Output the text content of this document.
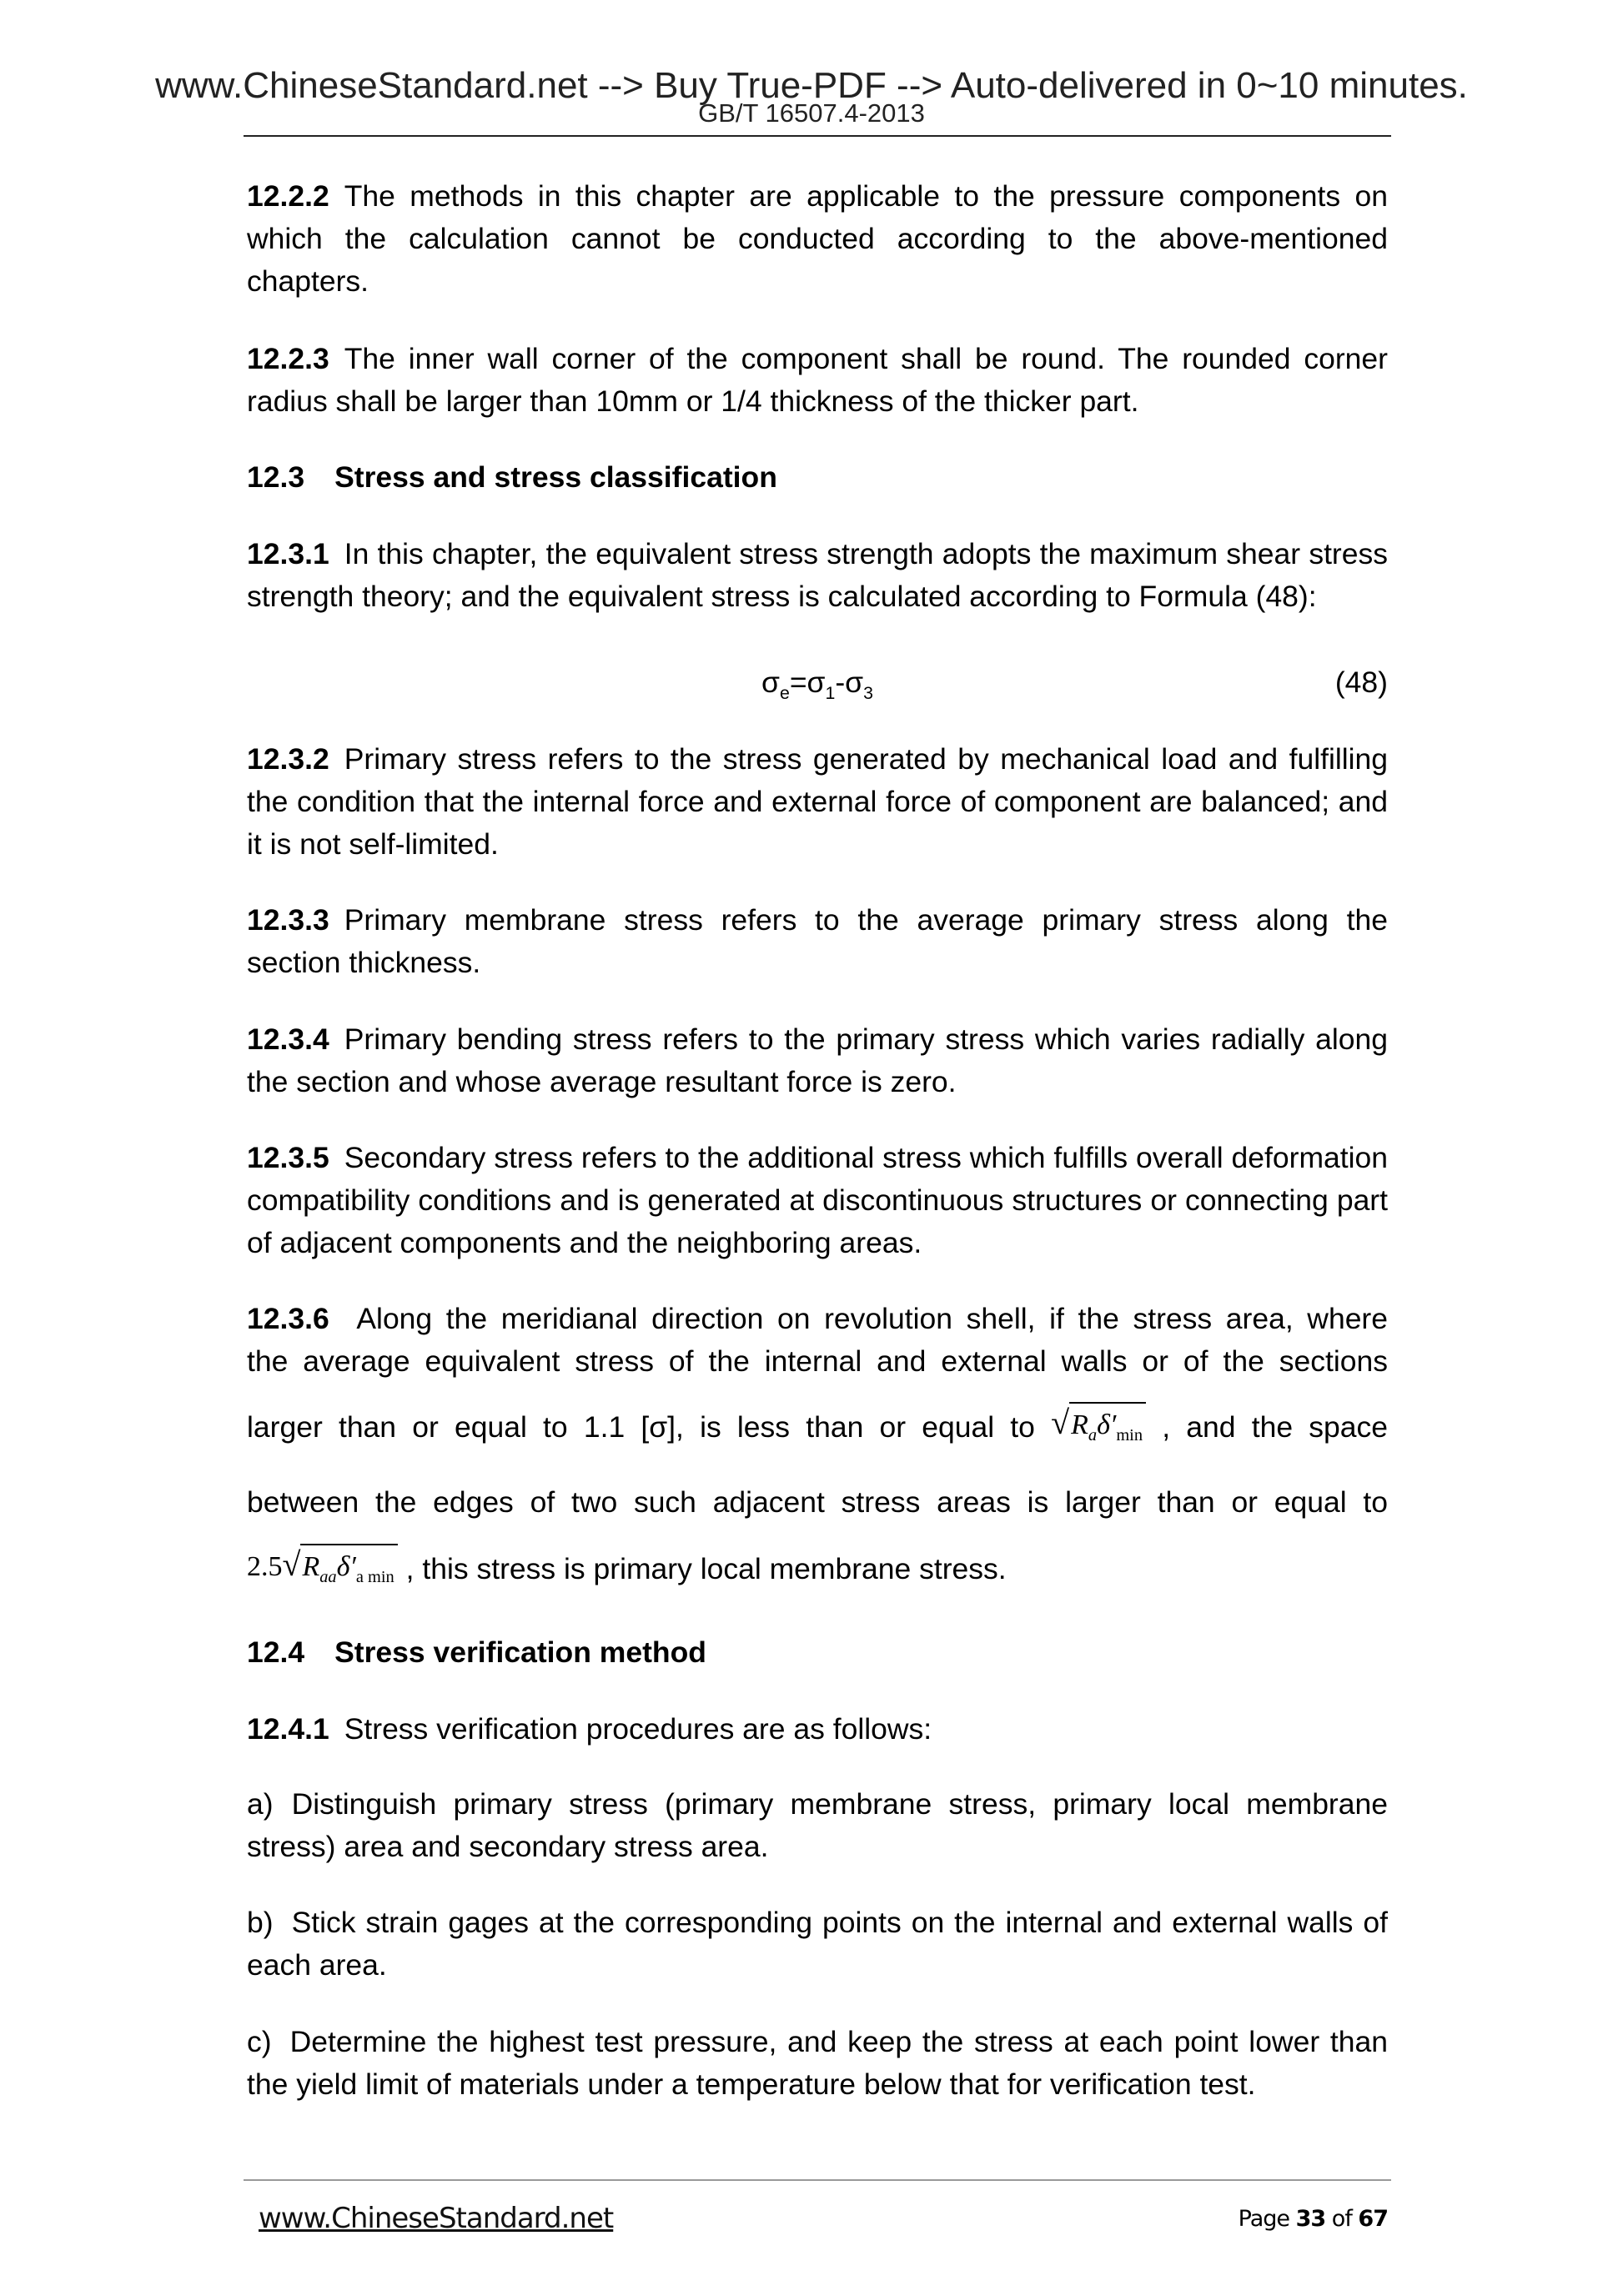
www.ChineseStandard.net --> Buy True-PDF --> Auto-delivered in 0~10 minutes.
GB/T 16507.4-2013
12.2.2 The methods in this chapter are applicable to the pressure components on which the calculation cannot be conducted according to the above-mentioned chapters.
12.2.3 The inner wall corner of the component shall be round. The rounded corner radius shall be larger than 10mm or 1/4 thickness of the thicker part.
12.3 Stress and stress classification
12.3.1 In this chapter, the equivalent stress strength adopts the maximum shear stress strength theory; and the equivalent stress is calculated according to Formula (48):
$\sigma_e=\sigma_1-\sigma_3$	(48)
12.3.2 Primary stress refers to the stress generated by mechanical load and fulfilling the condition that the internal force and external force of component are balanced; and it is not self-limited.
12.3.3 Primary membrane stress refers to the average primary stress along the section thickness.
12.3.4 Primary bending stress refers to the primary stress which varies radially along the section and whose average resultant force is zero.
12.3.5 Secondary stress refers to the additional stress which fulfills overall deformation compatibility conditions and is generated at discontinuous structures or connecting part of adjacent components and the neighboring areas.
12.3.6 Along the meridianal direction on revolution shell, if the stress area, where
the average equivalent stress of the internal and external walls or of the sections
larger than or equal to 1.1 [σ], is less than or equal to $√R_a\delta'_{min}$ , and the space
between the edges of two such adjacent stress areas is larger than or equal to
$2.5√R_{aa}\delta'_{a min}$ , this stress is primary local membrane stress.
12.4 Stress verification method
12.4.1 Stress verification procedures are as follows:
a) Distinguish primary stress (primary membrane stress, primary local membrane stress) area and secondary stress area.
b) Stick strain gages at the corresponding points on the internal and external walls of each area.
c) Determine the highest test pressure, and keep the stress at each point lower than the yield limit of materials under a temperature below that for verification test.
www.ChineseStandard.net	Page 33 of 67
